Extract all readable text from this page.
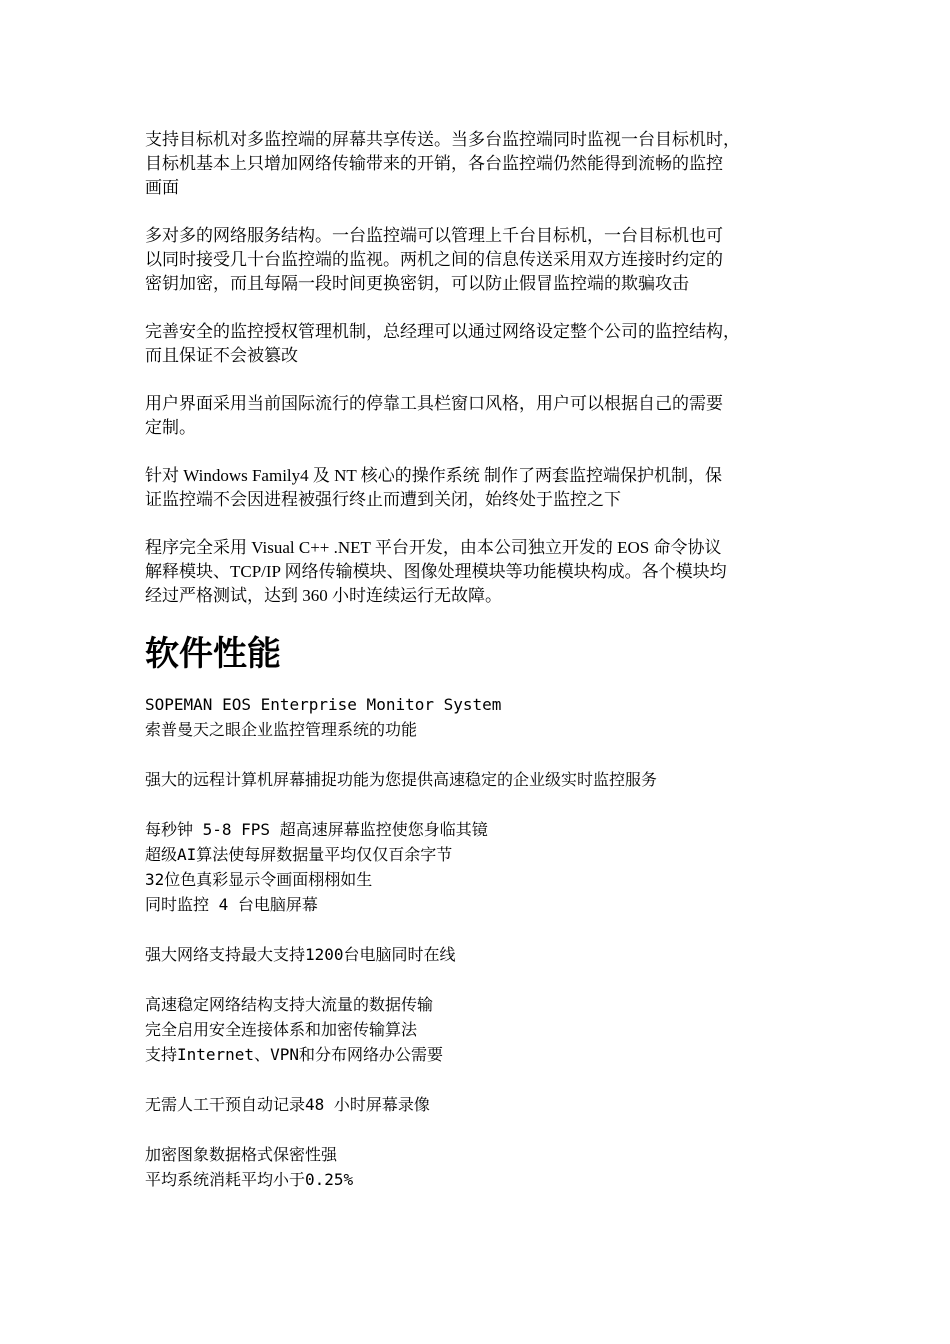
支持目标机对多监控端的屏幕共享传送。当多台监控端同时监视一台目标机时，
目标机基本上只增加网络传输带来的开销，各台监控端仍然能得到流畅的监控
画面
多对多的网络服务结构。一台监控端可以管理上千台目标机，一台目标机也可
以同时接受几十台监控端的监视。两机之间的信息传送采用双方连接时约定的
密钥加密，而且每隔一段时间更换密钥，可以防止假冒监控端的欺骗攻击
完善安全的监控授权管理机制，总经理可以通过网络设定整个公司的监控结构，
而且保证不会被篡改
用户界面采用当前国际流行的停靠工具栏窗口风格，用户可以根据自己的需要
定制。
针对 Windows Family4 及 NT 核心的操作系统 制作了两套监控端保护机制，保
证监控端不会因进程被强行终止而遭到关闭，始终处于监控之下
程序完全采用 Visual C++ .NET 平台开发，由本公司独立开发的 EOS 命令协议
解释模块、TCP/IP 网络传输模块、图像处理模块等功能模块构成。各个模块均
经过严格测试，达到 360 小时连续运行无故障。
软件性能
SOPEMAN EOS Enterprise Monitor System
索普曼天之眼企业监控管理系统的功能
强大的远程计算机屏幕捕捉功能为您提供高速稳定的企业级实时监控服务
每秒钟 5-8 FPS 超高速屏幕监控使您身临其镜
超级AI算法使每屏数据量平均仅仅百余字节
32位色真彩显示令画面栩栩如生
同时监控 4 台电脑屏幕
强大网络支持最大支持1200台电脑同时在线
高速稳定网络结构支持大流量的数据传输
完全启用安全连接体系和加密传输算法
支持Internet、VPN和分布网络办公需要
无需人工干预自动记录48 小时屏幕录像
加密图象数据格式保密性强
平均系统消耗平均小于0.25%
